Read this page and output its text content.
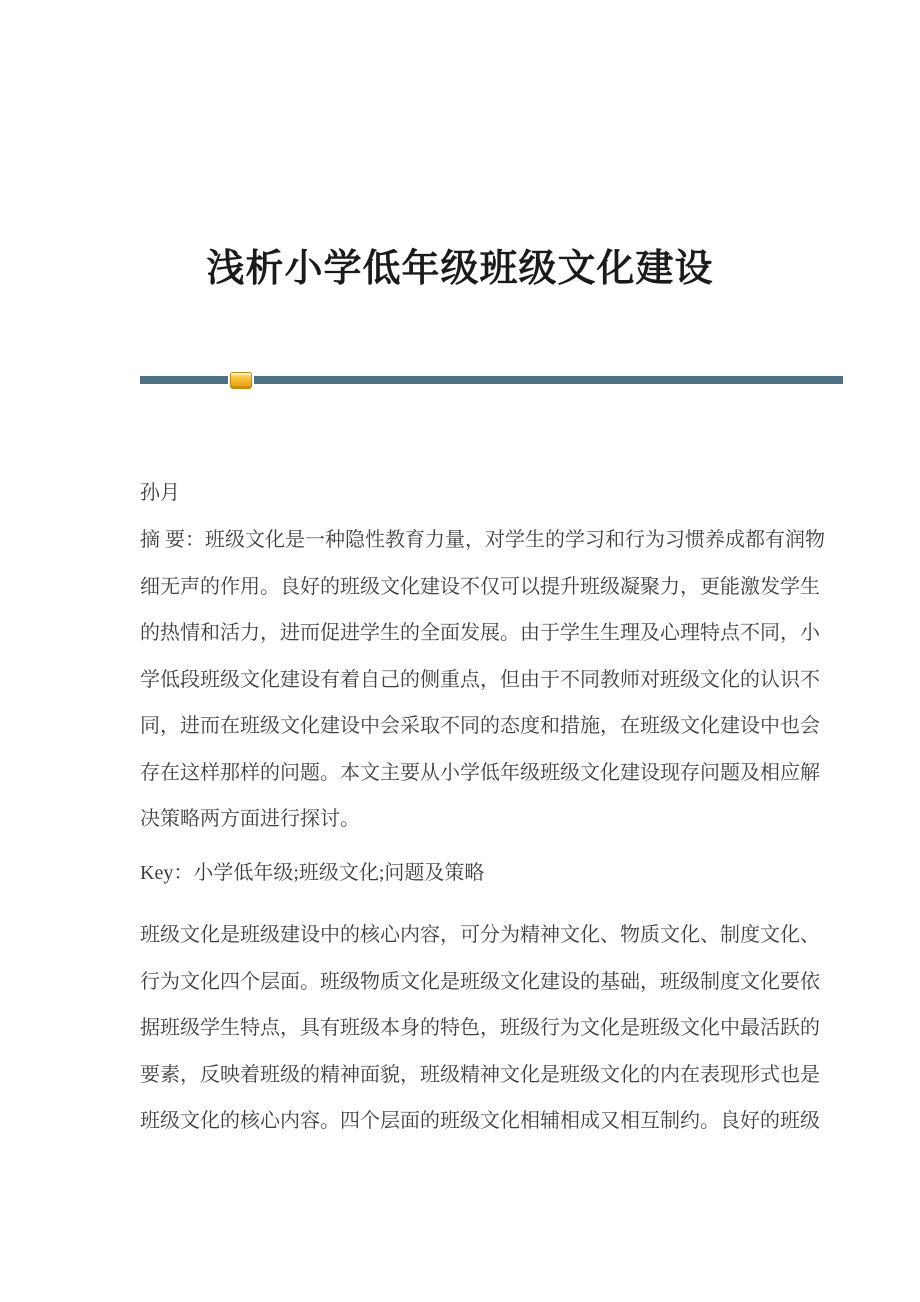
浅析小学低年级班级文化建设
孙月
摘 要：班级文化是一种隐性教育力量，对学生的学习和行为习惯养成都有润物
细无声的作用。良好的班级文化建设不仅可以提升班级凝聚力，更能激发学生
的热情和活力，进而促进学生的全面发展。由于学生生理及心理特点不同，小
学低段班级文化建设有着自己的侧重点，但由于不同教师对班级文化的认识不
同，进而在班级文化建设中会采取不同的态度和措施，在班级文化建设中也会
存在这样那样的问题。本文主要从小学低年级班级文化建设现存问题及相应解
决策略两方面进行探讨。
Key：小学低年级;班级文化;问题及策略
班级文化是班级建设中的核心内容，可分为精神文化、物质文化、制度文化、
行为文化四个层面。班级物质文化是班级文化建设的基础，班级制度文化要依
据班级学生特点，具有班级本身的特色，班级行为文化是班级文化中最活跃的
要素，反映着班级的精神面貌，班级精神文化是班级文化的内在表现形式也是
班级文化的核心内容。四个层面的班级文化相辅相成又相互制约。良好的班级
